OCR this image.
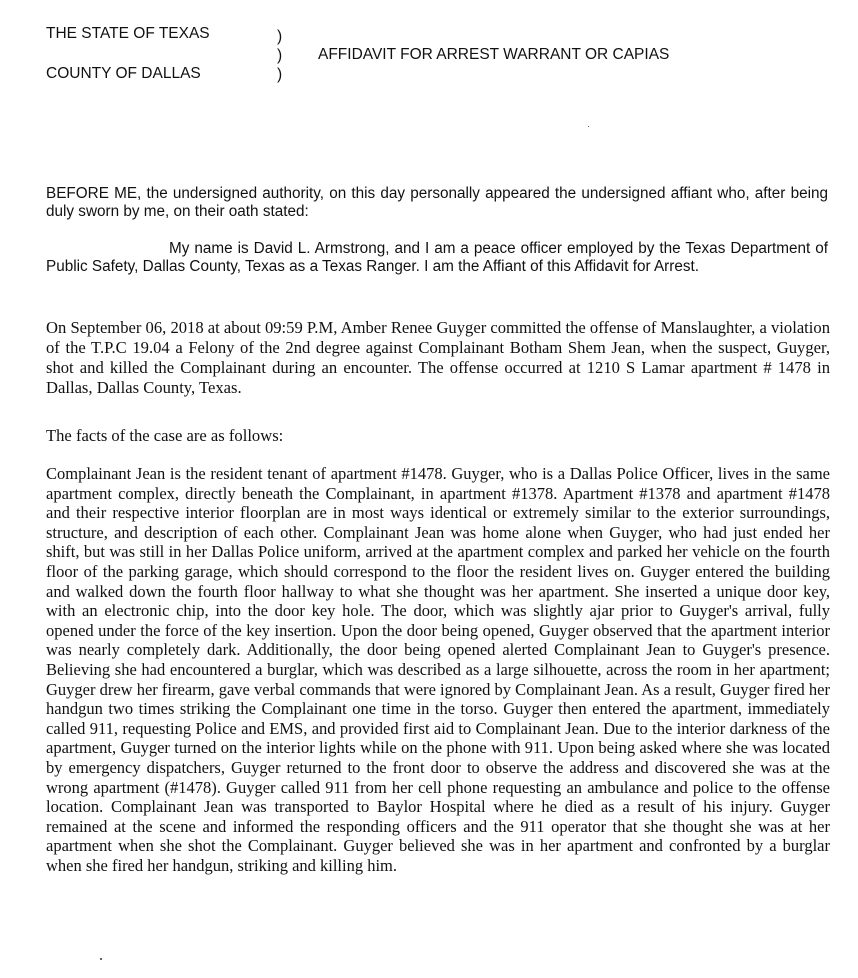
THE STATE OF TEXAS

COUNTY OF DALLAS

)

)

)

AFFIDAVIT FOR ARREST WARRANT OR CAPIAS

BEFORE ME, the undersigned authority, on this day personally appeared the undersigned affiant who, after being duly sworn by me, on their oath stated:

My name is David L. Armstrong, and I am a peace officer employed by the Texas Department of Public Safety, Dallas County, Texas as a Texas Ranger. I am the Affiant of this Affidavit for Arrest.

On September 06, 2018 at about 09:59 P.M, Amber Renee Guyger committed the offense of Manslaughter, a violation of the T.P.C 19.04 a Felony of the 2nd degree against Complainant Botham Shem Jean, when the suspect, Guyger, shot and killed the Complainant during an encounter. The offense occurred at 1210 S Lamar apartment # 1478 in Dallas, Dallas County, Texas.

The facts of the case are as follows:

Complainant Jean is the resident tenant of apartment #1478. Guyger, who is a Dallas Police Officer, lives in the same apartment complex, directly beneath the Complainant, in apartment #1378. Apartment #1378 and apartment #1478 and their respective interior floorplan are in most ways identical or extremely similar to the exterior surroundings, structure, and description of each other. Complainant Jean was home alone when Guyger, who had just ended her shift, but was still in her Dallas Police uniform, arrived at the apartment complex and parked her vehicle on the fourth floor of the parking garage, which should correspond to the floor the resident lives on. Guyger entered the building and walked down the fourth floor hallway to what she thought was her apartment. She inserted a unique door key, with an electronic chip, into the door key hole. The door, which was slightly ajar prior to Guyger's arrival, fully opened under the force of the key insertion. Upon the door being opened, Guyger observed that the apartment interior was nearly completely dark. Additionally, the door being opened alerted Complainant Jean to Guyger's presence. Believing she had encountered a burglar, which was described as a large silhouette, across the room in her apartment; Guyger drew her firearm, gave verbal commands that were ignored by Complainant Jean. As a result, Guyger fired her handgun two times striking the Complainant one time in the torso. Guyger then entered the apartment, immediately called 911, requesting Police and EMS, and provided first aid to Complainant Jean. Due to the interior darkness of the apartment, Guyger turned on the interior lights while on the phone with 911. Upon being asked where she was located by emergency dispatchers, Guyger returned to the front door to observe the address and discovered she was at the wrong apartment (#1478). Guyger called 911 from her cell phone requesting an ambulance and police to the offense location. Complainant Jean was transported to Baylor Hospital where he died as a result of his injury. Guyger remained at the scene and informed the responding officers and the 911 operator that she thought she was at her apartment when she shot the Complainant. Guyger believed she was in her apartment and confronted by a burglar when she fired her handgun, striking and killing him.
